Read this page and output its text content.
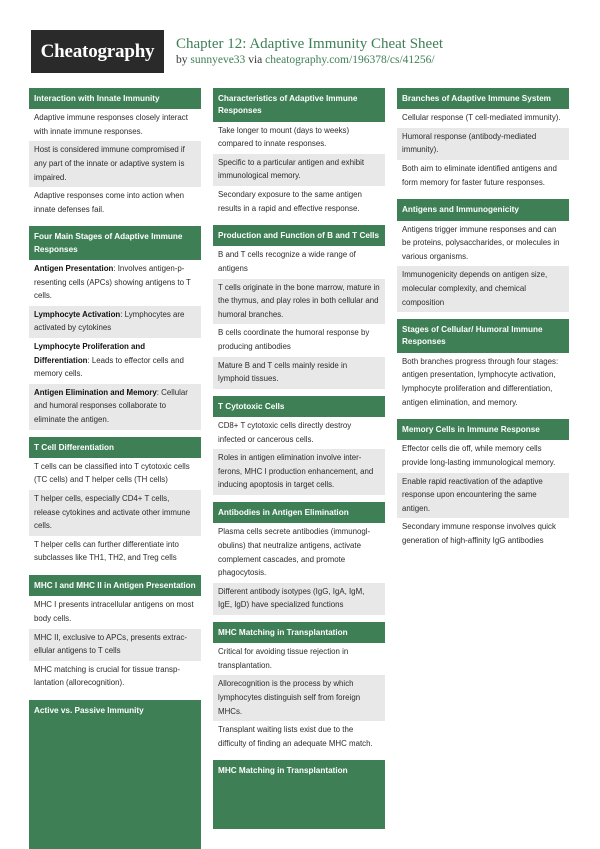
Cheatography	Chapter 12: Adaptive Immunity Cheat Sheet
by sunnyeve33 via cheatography.com/196378/cs/41256/
Interaction with Innate Immunity
Adaptive immune responses closely interact with innate immune responses.
Host is considered immune compromised if any part of the innate or adaptive system is impaired.
Adaptive responses come into action when innate defenses fail.
Four Main Stages of Adaptive Immune Responses
Antigen Presentation: Involves antigen-p-resenting cells (APCs) showing antigens to T cells.
Lymphocyte Activation: Lymphocytes are activated by cytokines
Lymphocyte Proliferation and Differentiation: Leads to effector cells and memory cells.
Antigen Elimination and Memory: Cellular and humoral responses collaborate to eliminate the antigen.
T Cell Differentiation
T cells can be classified into T cytotoxic cells (TC cells) and T helper cells (TH cells)
T helper cells, especially CD4+ T cells, release cytokines and activate other immune cells.
T helper cells can further differentiate into subclasses like TH1, TH2, and Treg cells
MHC I and MHC II in Antigen Presentation
MHC I presents intracellular antigens on most body cells.
MHC II, exclusive to APCs, presents extrac-ellular antigens to T cells
MHC matching is crucial for tissue transp-lantation (allorecognition).
Active vs. Passive Immunity
Characteristics of Adaptive Immune Responses
Take longer to mount (days to weeks) compared to innate responses.
Specific to a particular antigen and exhibit immunological memory.
Secondary exposure to the same antigen results in a rapid and effective response.
Production and Function of B and T Cells
B and T cells recognize a wide range of antigens
T cells originate in the bone marrow, mature in the thymus, and play roles in both cellular and humoral branches.
B cells coordinate the humoral response by producing antibodies
Mature B and T cells mainly reside in lymphoid tissues.
T Cytotoxic Cells
CD8+ T cytotoxic cells directly destroy infected or cancerous cells.
Roles in antigen elimination involve inter-ferons, MHC I production enhancement, and inducing apoptosis in target cells.
Antibodies in Antigen Elimination
Plasma cells secrete antibodies (immunogl-obulins) that neutralize antigens, activate complement cascades, and promote phagocytosis.
Different antibody isotypes (IgG, IgA, IgM, IgE, IgD) have specialized functions
MHC Matching in Transplantation
Critical for avoiding tissue rejection in transplantation.
Allorecognition is the process by which lymphocytes distinguish self from foreign MHCs.
Transplant waiting lists exist due to the difficulty of finding an adequate MHC match.
MHC Matching in Transplantation
Branches of Adaptive Immune System
Cellular response (T cell-mediated immunity).
Humoral response (antibody-mediated immunity).
Both aim to eliminate identified antigens and form memory for faster future responses.
Antigens and Immunogenicity
Antigens trigger immune responses and can be proteins, polysaccharides, or molecules in various organisms.
Immunogenicity depends on antigen size, molecular complexity, and chemical composition
Stages of Cellular/ Humoral Immune Responses
Both branches progress through four stages: antigen presentation, lymphocyte activation, lymphocyte proliferation and differentiation, antigen elimination, and memory.
Memory Cells in Immune Response
Effector cells die off, while memory cells provide long-lasting immunological memory.
Enable rapid reactivation of the adaptive response upon encountering the same antigen.
Secondary immune response involves quick generation of high-affinity IgG antibodies
